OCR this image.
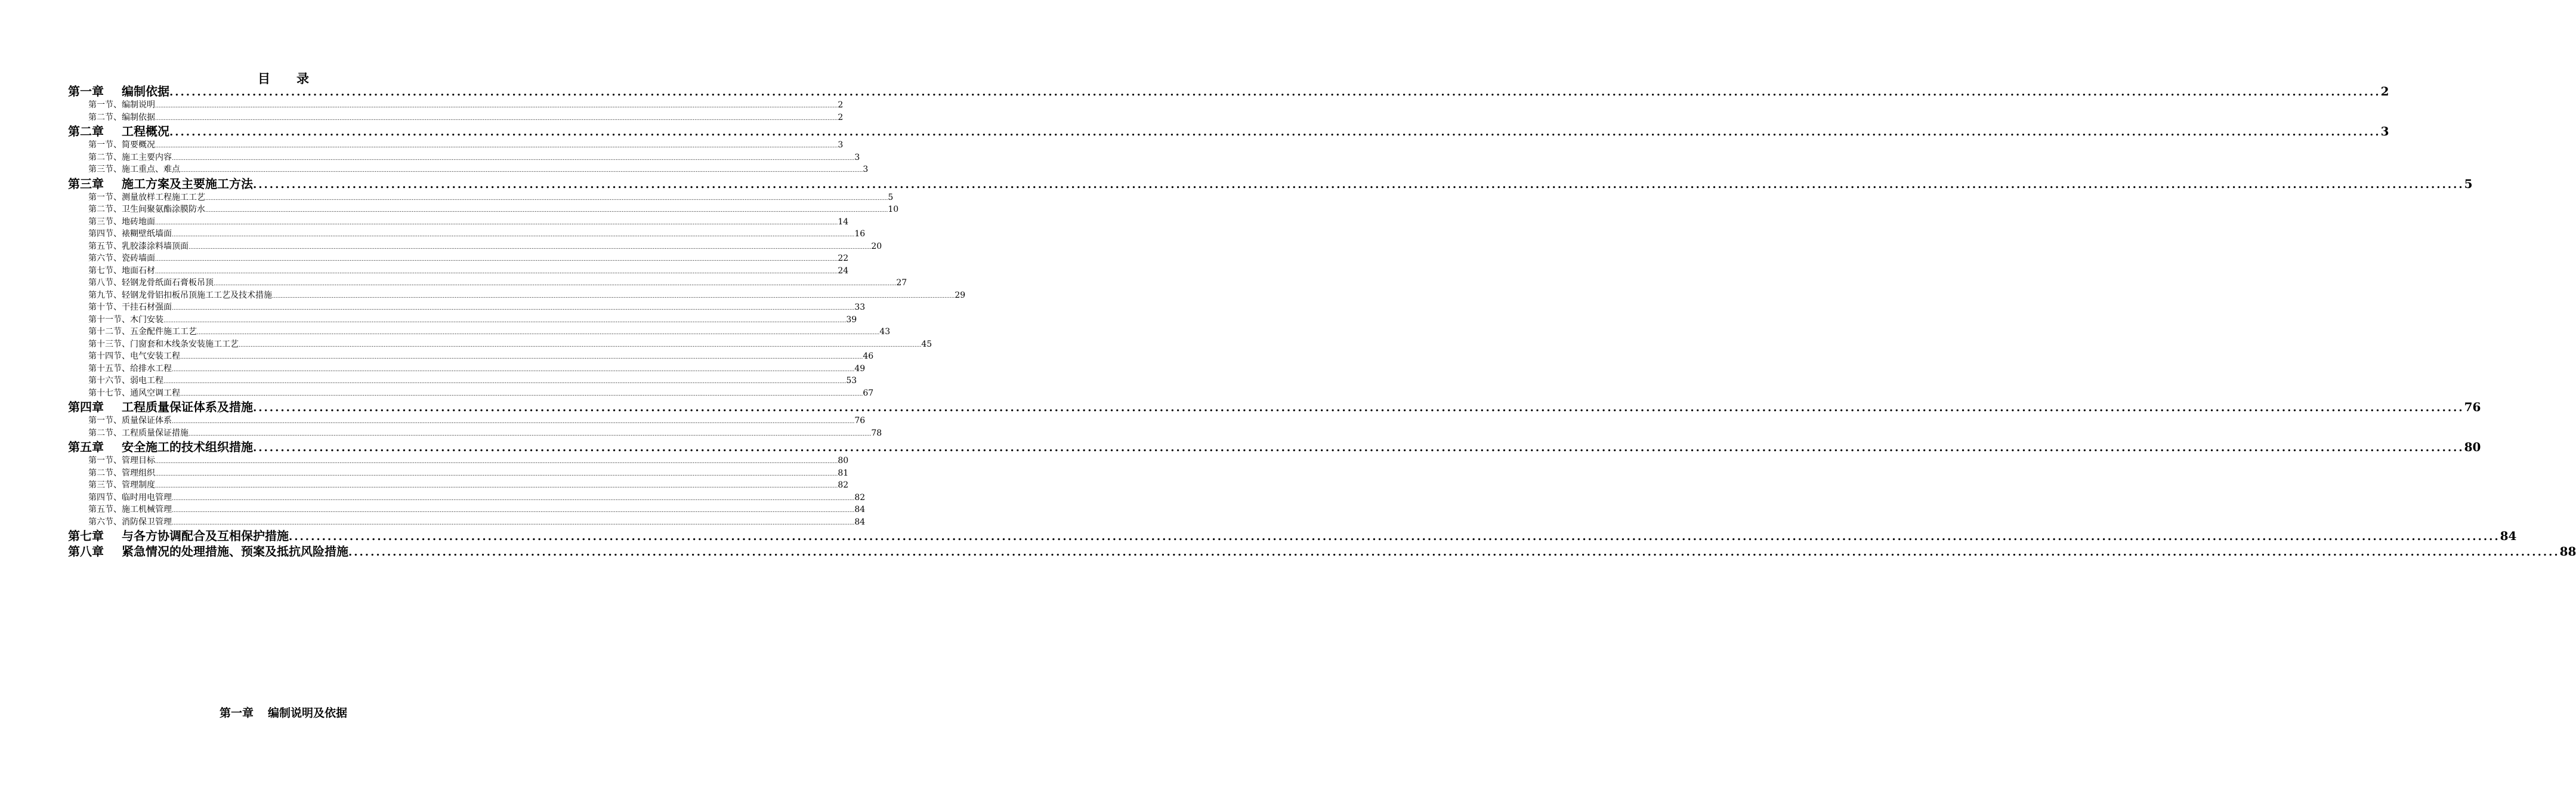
目录
第一章 编制依据 ................................................................................................................................................................................................................................................................................................................................................................................................................ 2
第一节、编制说明 ................................................................................................................................................................................................................................................................................................................................................................................................................ 2
第二节、编制依据 ................................................................................................................................................................................................................................................................................................................................................................................................................ 2
第二章 工程概况 ................................................................................................................................................................................................................................................................................................................................................................................................................ 3
第一节、简要概况 ................................................................................................................................................................................................................................................................................................................................................................................................................ 3
第二节、施工主要内容 ................................................................................................................................................................................................................................................................................................................................................................................................................ 3
第三节、施工重点、难点 ................................................................................................................................................................................................................................................................................................................................................................................................................ 3
第三章 施工方案及主要施工方法 ................................................................................................................................................................................................................................................................................................................................................................................................................ 5
第一节、测量放样工程施工工艺 ................................................................................................................................................................................................................................................................................................................................................................................................................ 5
第二节、卫生间聚氨酯涂膜防水 ................................................................................................................................................................................................................................................................................................................................................................................................................ 10
第三节、地砖地面 ................................................................................................................................................................................................................................................................................................................................................................................................................ 14
第四节、裱糊壁纸墙面 ................................................................................................................................................................................................................................................................................................................................................................................................................ 16
第五节、乳胶漆涂料墙顶面 ................................................................................................................................................................................................................................................................................................................................................................................................................ 20
第六节、瓷砖墙面 ................................................................................................................................................................................................................................................................................................................................................................................................................ 22
第七节、地面石材 ................................................................................................................................................................................................................................................................................................................................................................................................................ 24
第八节、轻钢龙骨纸面石膏板吊顶 ................................................................................................................................................................................................................................................................................................................................................................................................................ 27
第九节、轻钢龙骨铝扣板吊顶施工工艺及技术措施 ................................................................................................................................................................................................................................................................................................................................................................................................................ 29
第十节、干挂石材强面 ................................................................................................................................................................................................................................................................................................................................................................................................................ 33
第十一节、木门安装 ................................................................................................................................................................................................................................................................................................................................................................................................................ 39
第十二节、五金配件施工工艺 ................................................................................................................................................................................................................................................................................................................................................................................................................ 43
第十三节、门窗套和木线条安装施工工艺 ................................................................................................................................................................................................................................................................................................................................................................................................................ 45
第十四节、电气安装工程 ................................................................................................................................................................................................................................................................................................................................................................................................................ 46
第十五节、给排水工程 ................................................................................................................................................................................................................................................................................................................................................................................................................ 49
第十六节、弱电工程 ................................................................................................................................................................................................................................................................................................................................................................................................................ 53
第十七节、通风空调工程 ................................................................................................................................................................................................................................................................................................................................................................................................................ 67
第四章 工程质量保证体系及措施 ................................................................................................................................................................................................................................................................................................................................................................................................................ 76
第一节、质量保证体系 ................................................................................................................................................................................................................................................................................................................................................................................................................ 76
第二节、工程质量保证措施 ................................................................................................................................................................................................................................................................................................................................................................................................................ 78
第五章 安全施工的技术组织措施 ................................................................................................................................................................................................................................................................................................................................................................................................................ 80
第一节、管理目标 ................................................................................................................................................................................................................................................................................................................................................................................................................ 80
第二节、管理组织 ................................................................................................................................................................................................................................................................................................................................................................................................................ 81
第三节、管理制度 ................................................................................................................................................................................................................................................................................................................................................................................................................ 82
第四节、临时用电管理 ................................................................................................................................................................................................................................................................................................................................................................................................................ 82
第五节、施工机械管理 ................................................................................................................................................................................................................................................................................................................................................................................................................ 84
第六节、消防保卫管理 ................................................................................................................................................................................................................................................................................................................................................................................................................ 84
第七章 与各方协调配合及互相保护措施 ................................................................................................................................................................................................................................................................................................................................................................................................................ 84
第八章 紧急情况的处理措施、预案及抵抗风险措施 ................................................................................................................................................................................................................................................................................................................................................................................................................ 88
第一章 编制说明及依据
